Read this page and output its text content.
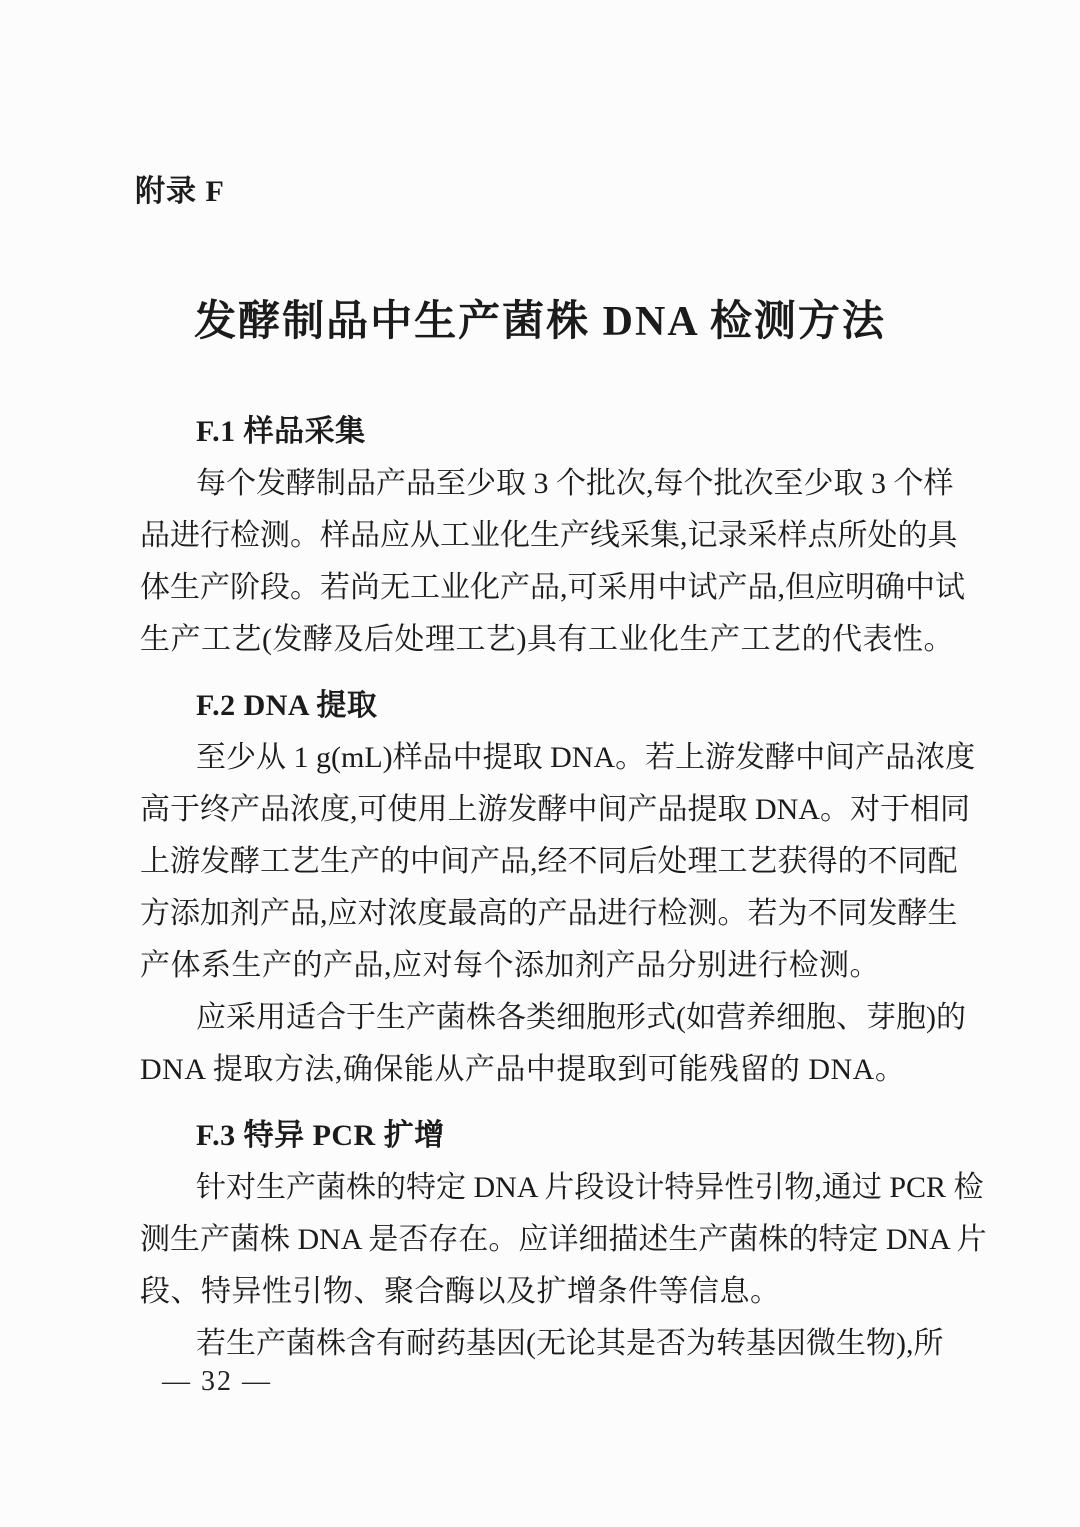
附录 F
发酵制品中生产菌株 DNA 检测方法
F.1 样品采集
每个发酵制品产品至少取 3 个批次,每个批次至少取 3 个样
品进行检测。样品应从工业化生产线采集,记录采样点所处的具
体生产阶段。若尚无工业化产品,可采用中试产品,但应明确中试
生产工艺(发酵及后处理工艺)具有工业化生产工艺的代表性。
F.2 DNA 提取
至少从 1 g(mL)样品中提取 DNA。若上游发酵中间产品浓度
高于终产品浓度,可使用上游发酵中间产品提取 DNA。对于相同
上游发酵工艺生产的中间产品,经不同后处理工艺获得的不同配
方添加剂产品,应对浓度最高的产品进行检测。若为不同发酵生
产体系生产的产品,应对每个添加剂产品分别进行检测。
应采用适合于生产菌株各类细胞形式(如营养细胞、芽胞)的
DNA 提取方法,确保能从产品中提取到可能残留的 DNA。
F.3 特异 PCR 扩增
针对生产菌株的特定 DNA 片段设计特异性引物,通过 PCR 检
测生产菌株 DNA 是否存在。应详细描述生产菌株的特定 DNA 片
段、特异性引物、聚合酶以及扩增条件等信息。
若生产菌株含有耐药基因(无论其是否为转基因微生物),所
— 32 —
